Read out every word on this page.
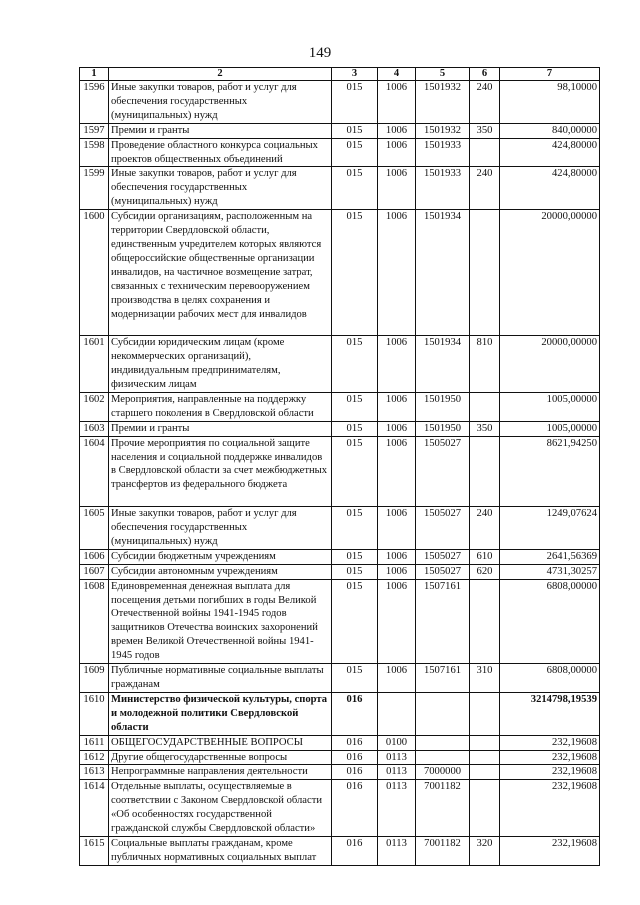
149
1	2	3	4	5	6	7
1596	Иные закупки товаров, работ и услуг для обеспечения государственных (муниципальных) нужд	015	1006	1501932	240	98,10000
1597	Премии и гранты	015	1006	1501932	350	840,00000
1598	Проведение областного конкурса социальных проектов общественных объединений	015	1006	1501933		424,80000
1599	Иные закупки товаров, работ и услуг для обеспечения государственных (муниципальных) нужд	015	1006	1501933	240	424,80000
1600	Субсидии организациям, расположенным на территории Свердловской области, единственным учредителем которых являются общероссийские общественные организации инвалидов, на частичное возмещение затрат, связанных с техническим перевооружением производства в целях сохранения и модернизации рабочих мест для инвалидов	015	1006	1501934		20000,00000
1601	Субсидии юридическим лицам (кроме некоммерческих организаций), индивидуальным предпринимателям, физическим лицам	015	1006	1501934	810	20000,00000
1602	Мероприятия, направленные на поддержку старшего поколения в Свердловской области	015	1006	1501950		1005,00000
1603	Премии и гранты	015	1006	1501950	350	1005,00000
1604	Прочие мероприятия по социальной защите населения и социальной поддержке инвалидов в Свердловской области за счет межбюджетных трансфертов из федерального бюджета	015	1006	1505027		8621,94250
1605	Иные закупки товаров, работ и услуг для обеспечения государственных (муниципальных) нужд	015	1006	1505027	240	1249,07624
1606	Субсидии бюджетным учреждениям	015	1006	1505027	610	2641,56369
1607	Субсидии автономным учреждениям	015	1006	1505027	620	4731,30257
1608	Единовременная денежная выплата для посещения детьми погибших в годы Великой Отечественной войны 1941-1945 годов защитников Отечества воинских захоронений времен Великой Отечественной войны 1941-1945 годов	015	1006	1507161		6808,00000
1609	Публичные нормативные социальные выплаты гражданам	015	1006	1507161	310	6808,00000
1610	Министерство физической культуры, спорта и молодежной политики Свердловской области	016				3214798,19539
1611	ОБЩЕГОСУДАРСТВЕННЫЕ ВОПРОСЫ	016	0100			232,19608
1612	Другие общегосударственные вопросы	016	0113			232,19608
1613	Непрограммные направления деятельности	016	0113	7000000		232,19608
1614	Отдельные выплаты, осуществляемые в соответствии с Законом Свердловской области «Об особенностях государственной гражданской службы Свердловской области»	016	0113	7001182		232,19608
1615	Социальные выплаты гражданам, кроме публичных нормативных социальных выплат	016	0113	7001182	320	232,19608
